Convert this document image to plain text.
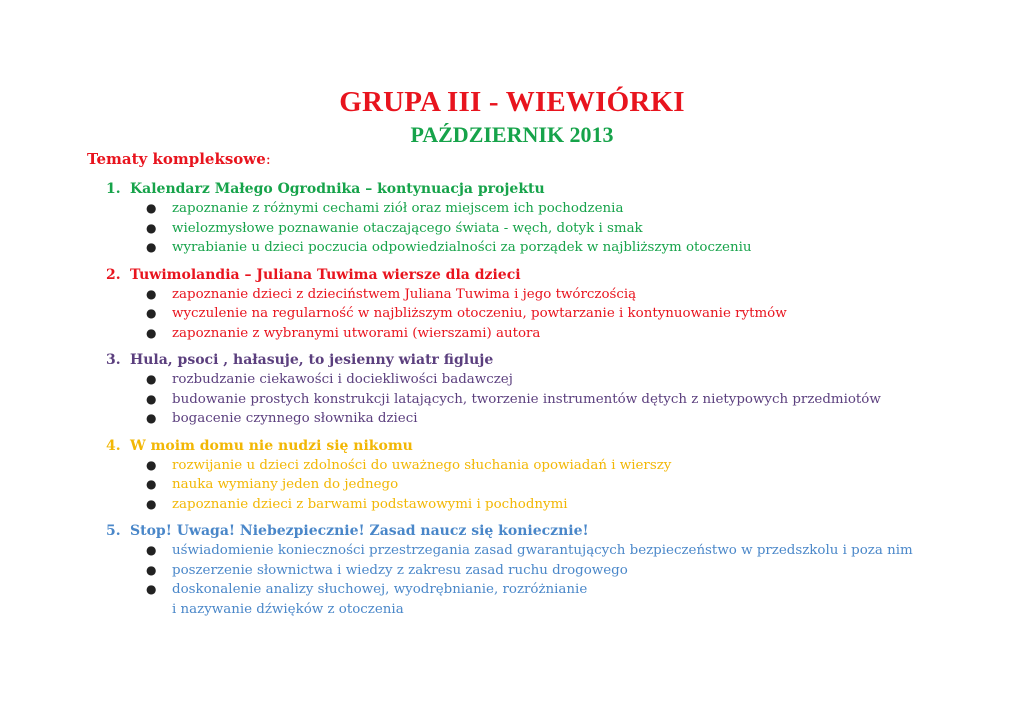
GRUPA III - WIEWIÓRKI
PAŹDZIERNIK 2013
Tematy kompleksowe:
1. Kalendarz Małego Ogrodnika – kontynuacja projektu
● zapoznanie z różnymi cechami ziół oraz miejscem ich pochodzenia
● wielozmysłowe poznawanie otaczającego świata - węch, dotyk i smak
● wyrabianie u dzieci poczucia odpowiedzialności za porządek w najbliższym otoczeniu
2. Tuwimolandia – Juliana Tuwima wiersze dla dzieci
● zapoznanie dzieci z dzieciństwem Juliana Tuwima i jego twórczością
● wyczulenie na regularność w najbliższym otoczeniu, powtarzanie i kontynuowanie rytmów
● zapoznanie z wybranymi utworami (wierszami) autora
3. Hula, psoci , hałasuje, to jesienny wiatr figluje
● rozbudzanie ciekawości i dociekliwości badawczej
● budowanie prostych konstrukcji latających, tworzenie instrumentów dętych z nietypowych przedmiotów
● bogacenie czynnego słownika dzieci
4. W moim domu nie nudzi się nikomu
● rozwijanie u dzieci zdolności do uważnego słuchania opowiadań i wierszy
● nauka wymiany jeden do jednego
● zapoznanie dzieci z barwami podstawowymi i pochodnymi
5. Stop! Uwaga! Niebezpiecznie! Zasad naucz się koniecznie!
● uświadomienie konieczności przestrzegania zasad gwarantujących bezpieczeństwo w przedszkolu i poza nim
● poszerzenie słownictwa i wiedzy z zakresu zasad ruchu drogowego
● doskonalenie analizy słuchowej, wyodrębnianie, rozróżnianie
i nazywanie dźwięków z otoczenia
